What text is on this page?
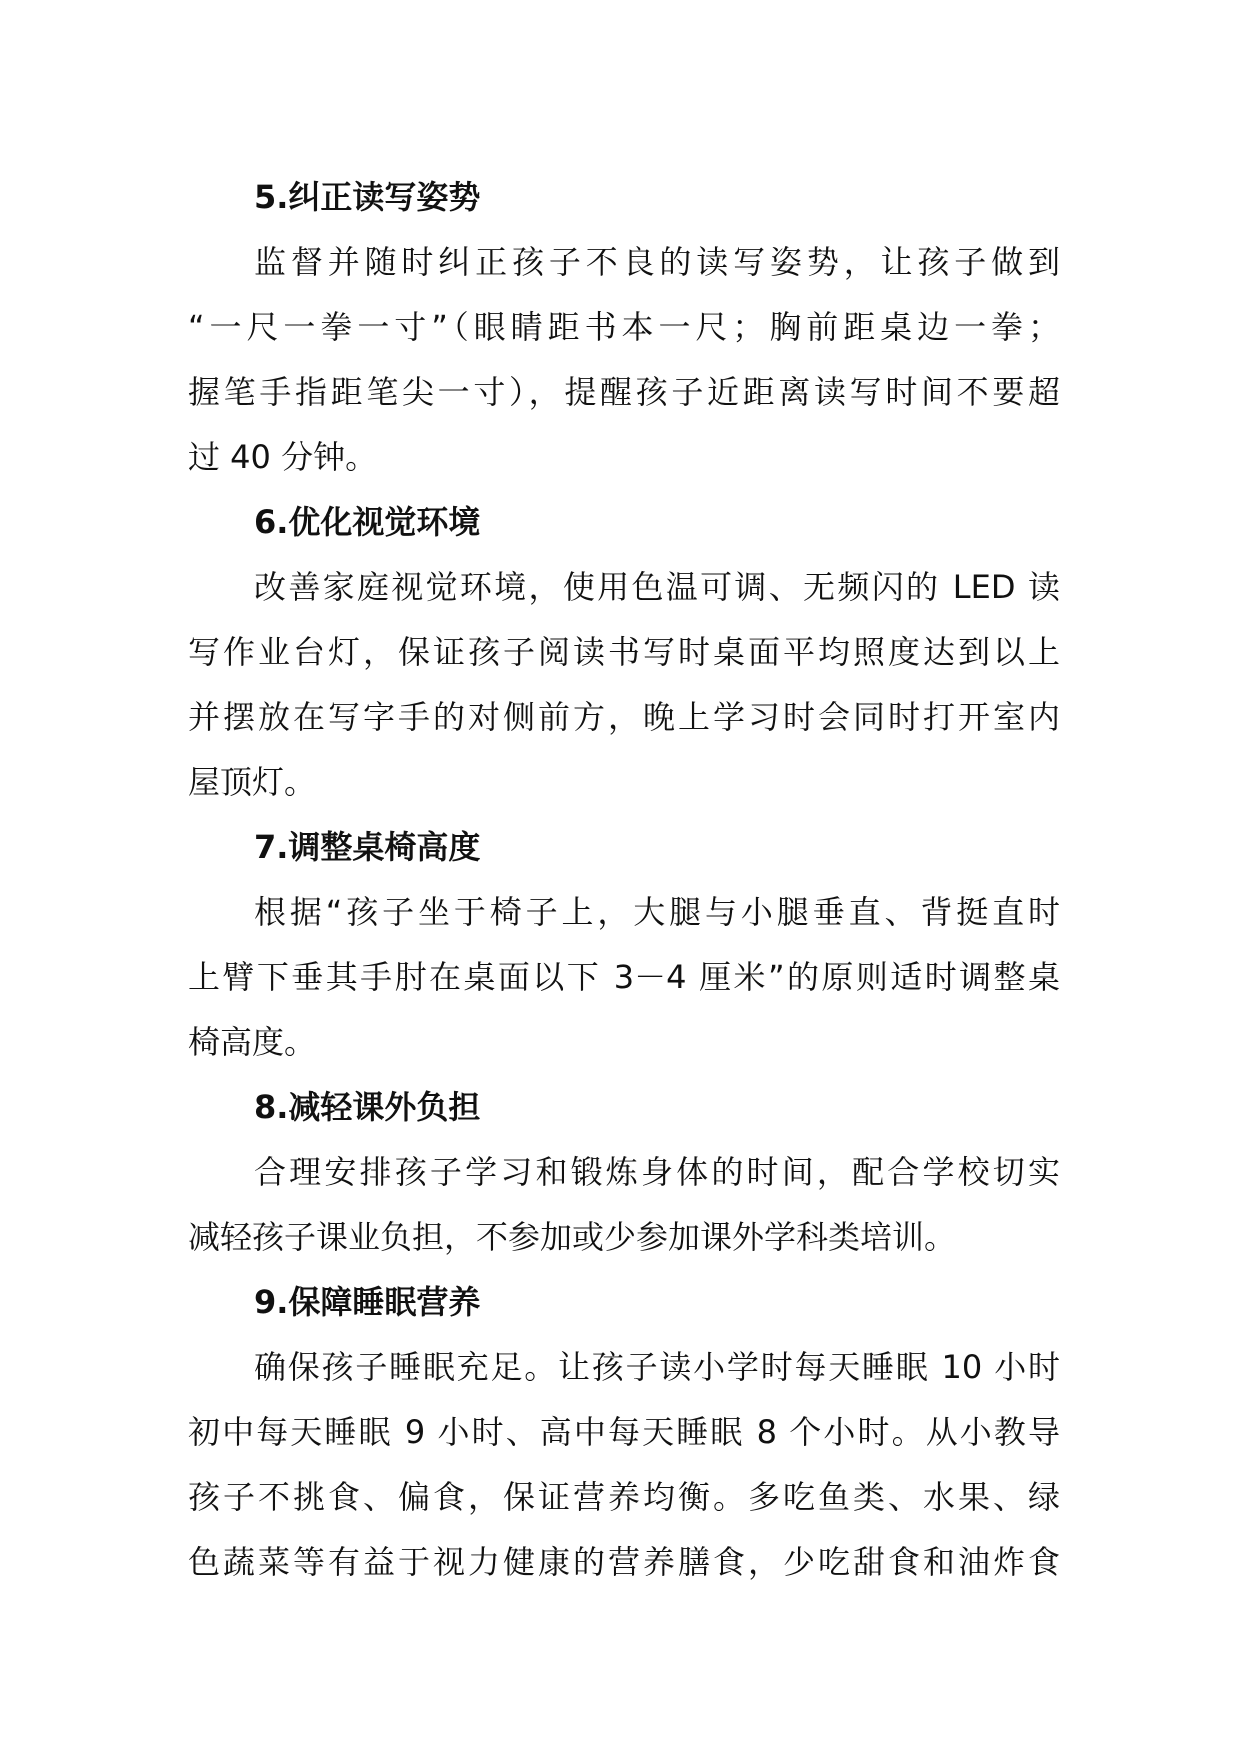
5.纠正读写姿势
监督并随时纠正孩子不良的读写姿势，让孩子做到
“一尺一拳一寸”（眼睛距书本一尺；胸前距桌边一拳；
握笔手指距笔尖一寸），提醒孩子近距离读写时间不要超
过 40 分钟。
6.优化视觉环境
改善家庭视觉环境，使用色温可调、无频闪的 LED 读
写作业台灯，保证孩子阅读书写时桌面平均照度达到以上
并摆放在写字手的对侧前方，晚上学习时会同时打开室内
屋顶灯。
7.调整桌椅高度
根据“孩子坐于椅子上，大腿与小腿垂直、背挺直时
上臂下垂其手肘在桌面以下 3－4 厘米”的原则适时调整桌
椅高度。
8.减轻课外负担
合理安排孩子学习和锻炼身体的时间，配合学校切实
减轻孩子课业负担，不参加或少参加课外学科类培训。
9.保障睡眠营养
确保孩子睡眠充足。让孩子读小学时每天睡眠 10 小时
初中每天睡眠 9 小时、高中每天睡眠 8 个小时。从小教导
孩子不挑食、偏食，保证营养均衡。多吃鱼类、水果、绿
色蔬菜等有益于视力健康的营养膳食，少吃甜食和油炸食
